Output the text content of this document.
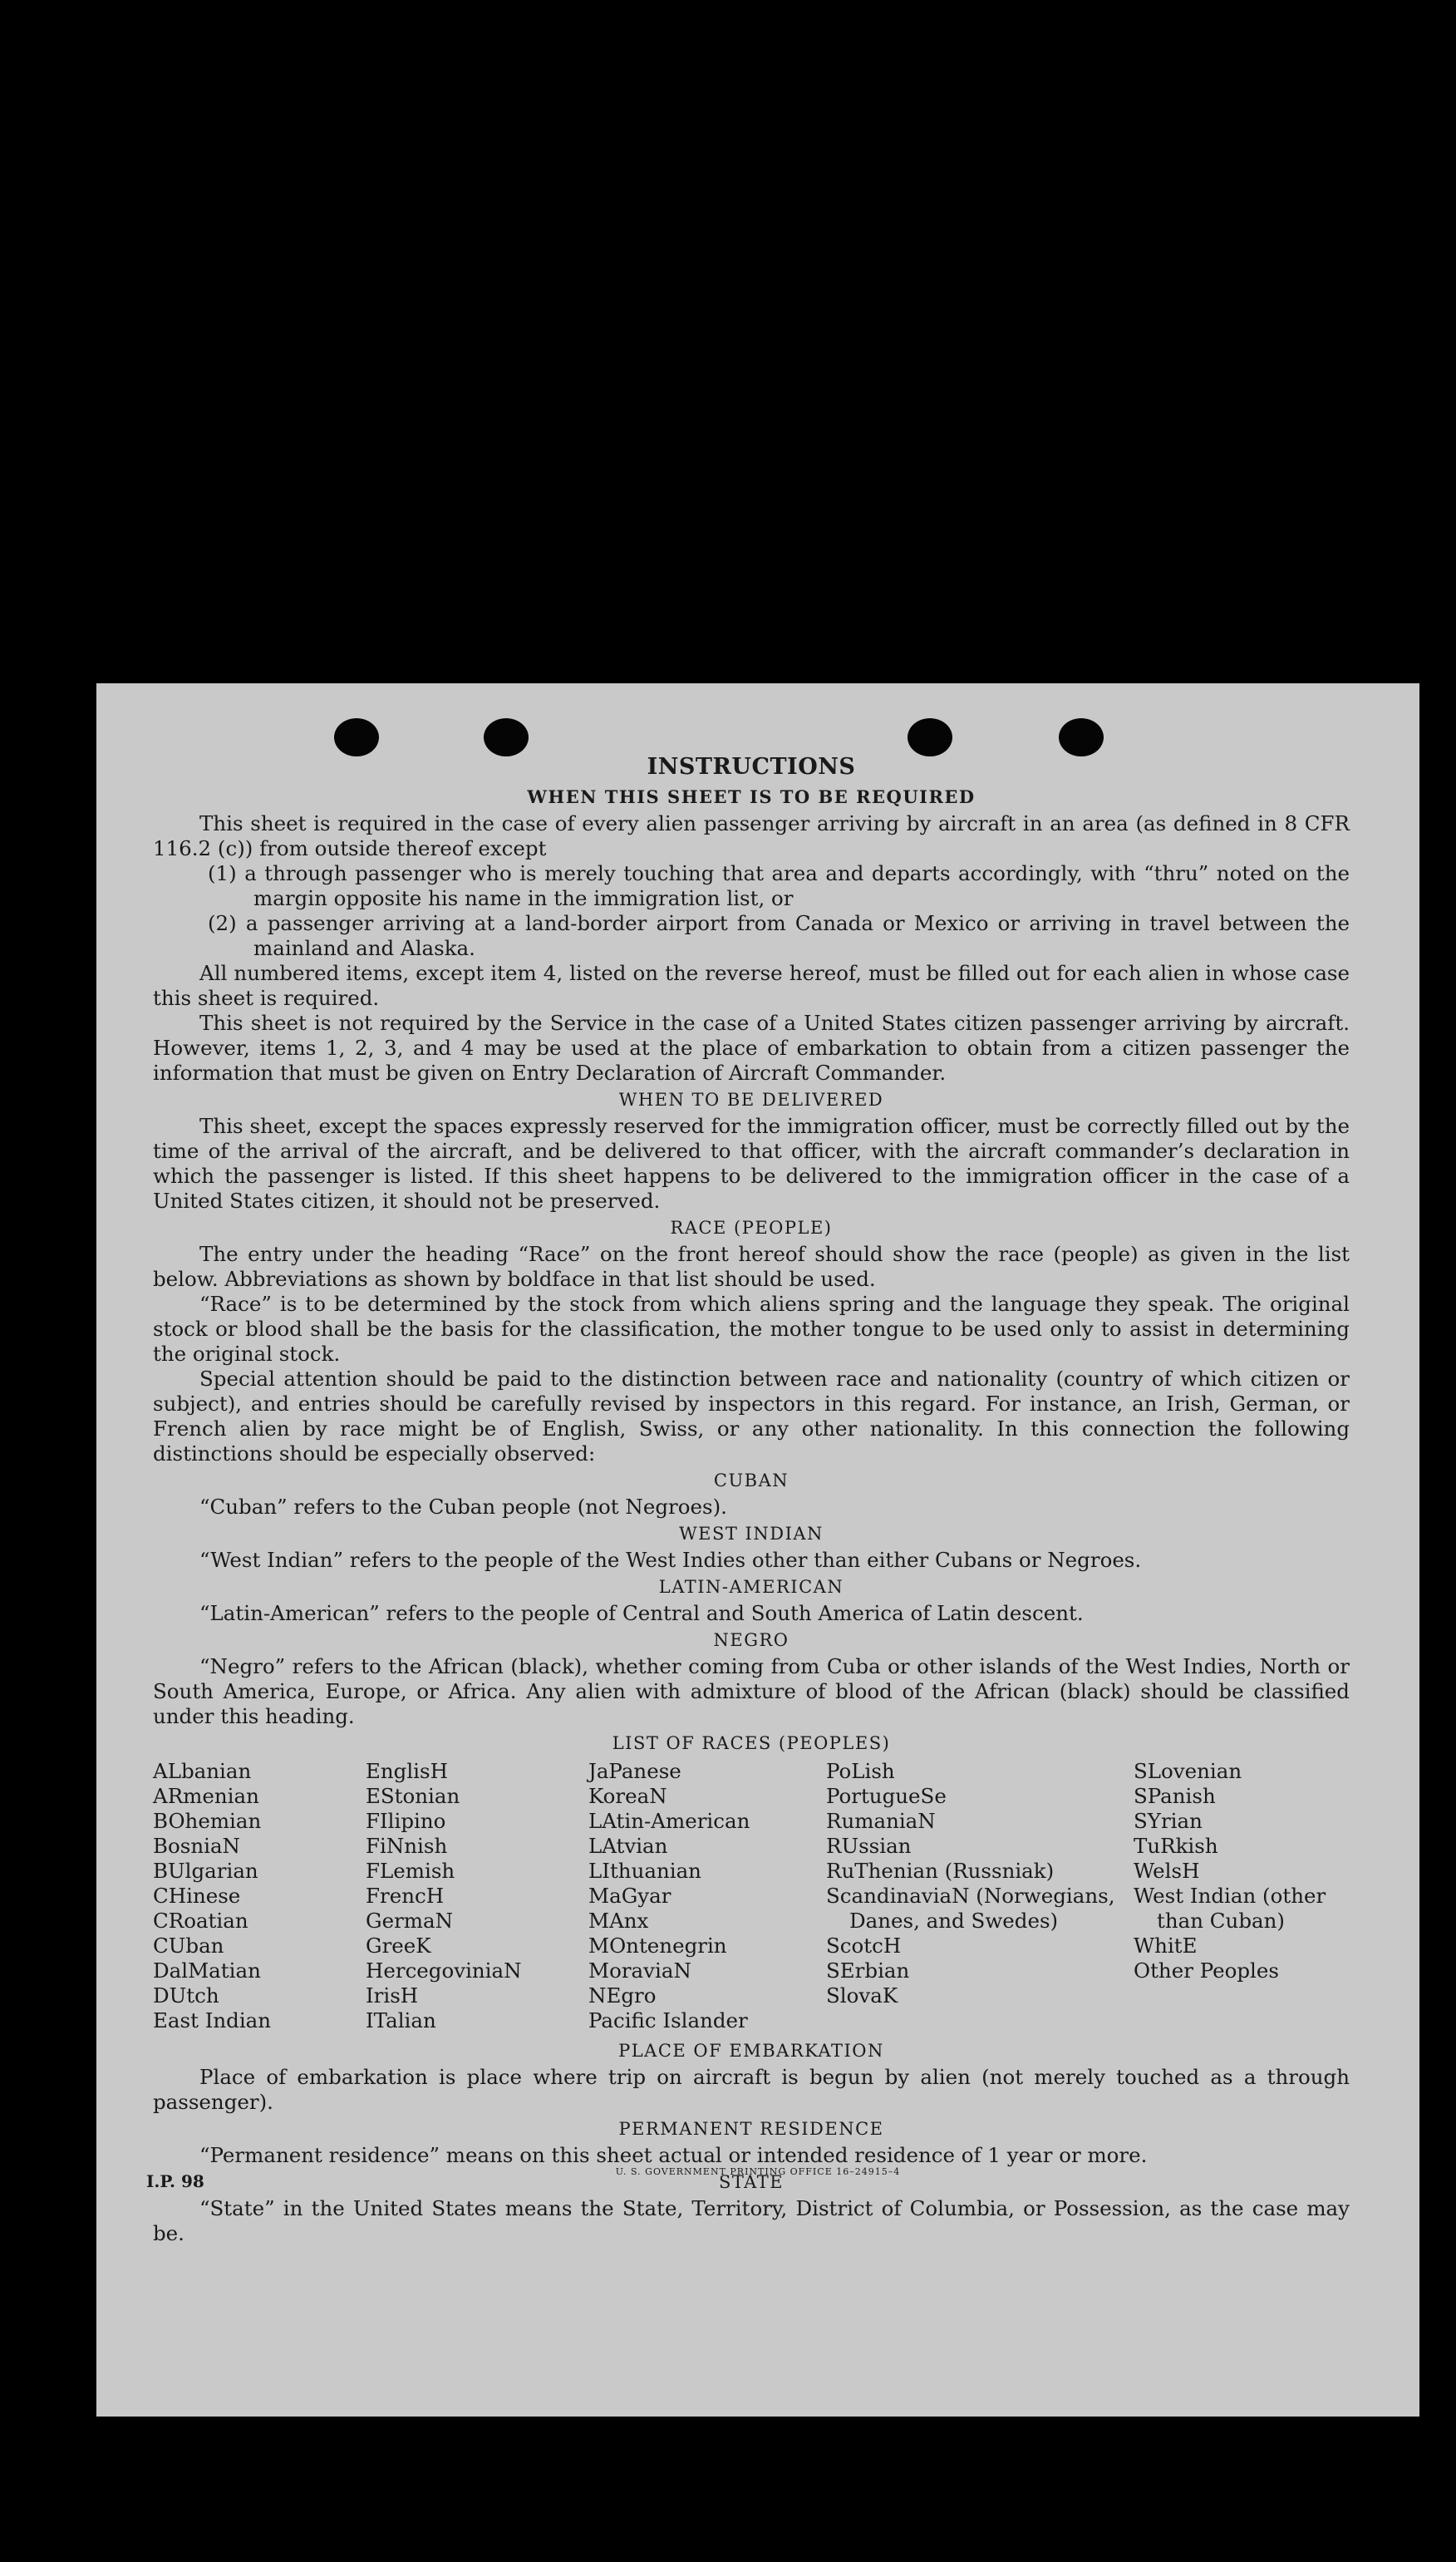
INSTRUCTIONS
WHEN THIS SHEET IS TO BE REQUIRED

This sheet is required in the case of every alien passenger arriving by aircraft in an area (as defined in 8 CFR 116.2 (c)) from outside thereof except

(1) a through passenger who is merely touching that area and departs accordingly, with “thru” noted on the margin opposite his name in the immigration list, or

(2) a passenger arriving at a land-border airport from Canada or Mexico or arriving in travel between the mainland and Alaska.

All numbered items, except item 4, listed on the reverse hereof, must be filled out for each alien in whose case this sheet is required.

This sheet is not required by the Service in the case of a United States citizen passenger arriving by aircraft. However, items 1, 2, 3, and 4 may be used at the place of embarkation to obtain from a citizen passenger the information that must be given on Entry Declaration of Aircraft Commander.

WHEN TO BE DELIVERED

This sheet, except the spaces expressly reserved for the immigration officer, must be correctly filled out by the time of the arrival of the aircraft, and be delivered to that officer, with the aircraft commander’s declaration in which the passenger is listed. If this sheet happens to be delivered to the immigration officer in the case of a United States citizen, it should not be preserved.

RACE (PEOPLE)

The entry under the heading “Race” on the front hereof should show the race (people) as given in the list below. Abbreviations as shown by boldface in that list should be used.

“Race” is to be determined by the stock from which aliens spring and the language they speak. The original stock or blood shall be the basis for the classification, the mother tongue to be used only to assist in determining the original stock.

Special attention should be paid to the distinction between race and nationality (country of which citizen or subject), and entries should be carefully revised by inspectors in this regard. For instance, an Irish, German, or French alien by race might be of English, Swiss, or any other nationality. In this connection the following distinctions should be especially observed:

CUBAN

“Cuban” refers to the Cuban people (not Negroes).

WEST INDIAN

“West Indian” refers to the people of the West Indies other than either Cubans or Negroes.

LATIN-AMERICAN

“Latin-American” refers to the people of Central and South America of Latin descent.

NEGRO

“Negro” refers to the African (black), whether coming from Cuba or other islands of the West Indies, North or South America, Europe, or Africa. Any alien with admixture of blood of the African (black) should be classified under this heading.

LIST OF RACES (PEOPLES)
ALbanian
ARmenian
BOhemian
BosniaN
BUlgarian
CHinese
CRoatian
CUban
DalMatian
DUtch
East Indian
EnglisH
EStonian
FIlipino
FiNnish
FLemish
FrencH
GermaN
GreeK
HercegoviniaN
IrisH
ITalian
JaPanese
KoreaN
LAtin-American
LAtvian
LIthuanian
MaGyar
MAnx
MOntenegrin
MoraviaN
NEgro
Pacific Islander
PoLish
PortugueSe
RumaniaN
RUssian
RuThenian (Russniak)
ScandinaviaN (Norwegians, Danes, and Swedes)
ScotcH
SErbian
SlovaK
SLovenian
SPanish
SYrian
TuRkish
WelsH
West Indian (other than Cuban)
WhitE
Other Peoples
PLACE OF EMBARKATION

Place of embarkation is place where trip on aircraft is begun by alien (not merely touched as a through passenger).

PERMANENT RESIDENCE

“Permanent residence” means on this sheet actual or intended residence of 1 year or more.

STATE

“State” in the United States means the State, Territory, District of Columbia, or Possession, as the case may be.

I.P. 98	U. S. GOVERNMENT PRINTING OFFICE 16–24915–4
